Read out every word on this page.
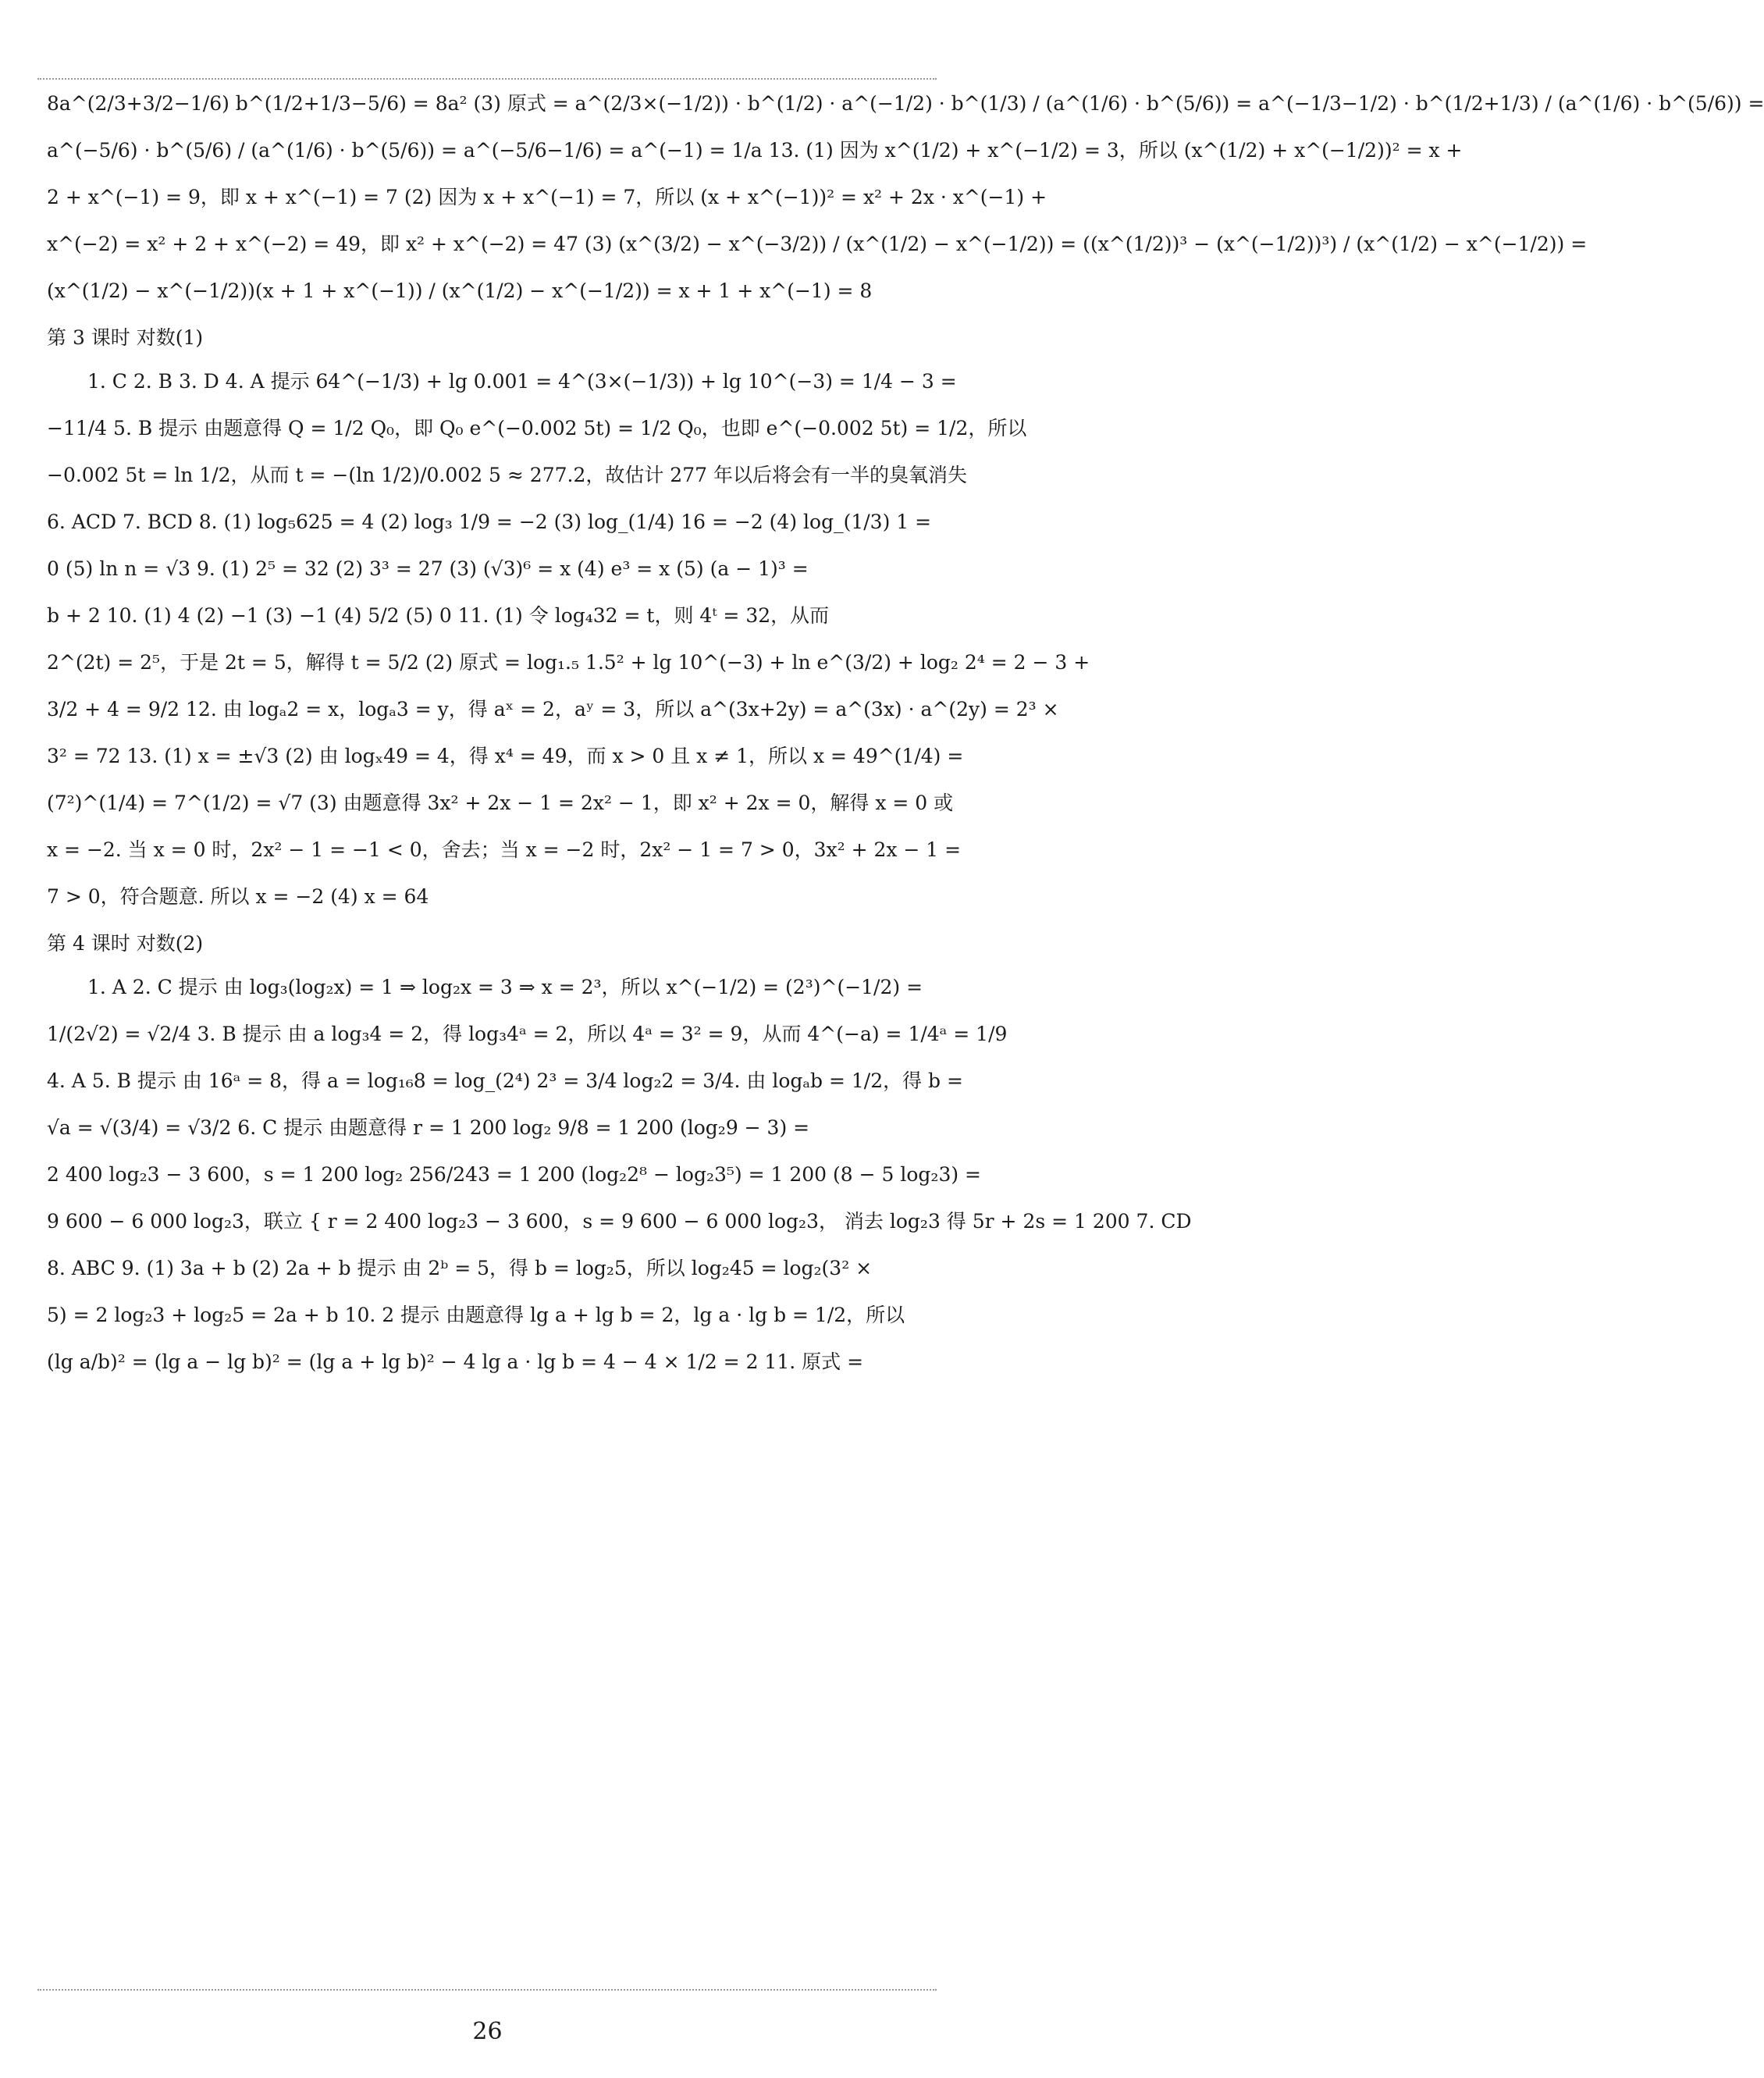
8a^(2/3+3/2−1/6) b^(1/2+1/3−5/6) = 8a² (3) 原式 = a^(2/3×(−1/2)) · b^(1/2) · a^(−1/2) · b^(1/3) / (a^(1/6) · b^(5/6)) = a^(−1/3−1/2) · b^(1/2+1/3) / (a^(1/6) · b^(5/6)) =
a^(−5/6) · b^(5/6) / (a^(1/6) · b^(5/6)) = a^(−5/6−1/6) = a^(−1) = 1/a 13. (1) 因为 x^(1/2) + x^(−1/2) = 3，所以 (x^(1/2) + x^(−1/2))² = x +
2 + x^(−1) = 9，即 x + x^(−1) = 7 (2) 因为 x + x^(−1) = 7，所以 (x + x^(−1))² = x² + 2x · x^(−1) +
x^(−2) = x² + 2 + x^(−2) = 49，即 x² + x^(−2) = 47 (3) (x^(3/2) − x^(−3/2)) / (x^(1/2) − x^(−1/2)) = ((x^(1/2))³ − (x^(−1/2))³) / (x^(1/2) − x^(−1/2)) =
(x^(1/2) − x^(−1/2))(x + 1 + x^(−1)) / (x^(1/2) − x^(−1/2)) = x + 1 + x^(−1) = 8
第 3 课时 对数(1)
1. C 2. B 3. D 4. A 提示 64^(−1/3) + lg 0.001 = 4^(3×(−1/3)) + lg 10^(−3) = 1/4 − 3 =
−11/4 5. B 提示 由题意得 Q = 1/2 Q₀，即 Q₀ e^(−0.002 5t) = 1/2 Q₀，也即 e^(−0.002 5t) = 1/2，所以
−0.002 5t = ln 1/2，从而 t = −(ln 1/2)/0.002 5 ≈ 277.2，故估计 277 年以后将会有一半的臭氧消失
6. ACD 7. BCD 8. (1) log₅625 = 4 (2) log₃ 1/9 = −2 (3) log_(1/4) 16 = −2 (4) log_(1/3) 1 =
0 (5) ln n = √3 9. (1) 2⁵ = 32 (2) 3³ = 27 (3) (√3)⁶ = x (4) e³ = x (5) (a − 1)³ =
b + 2 10. (1) 4 (2) −1 (3) −1 (4) 5/2 (5) 0 11. (1) 令 log₄32 = t，则 4ᵗ = 32，从而
2^(2t) = 2⁵，于是 2t = 5，解得 t = 5/2 (2) 原式 = log₁.₅ 1.5² + lg 10^(−3) + ln e^(3/2) + log₂ 2⁴ = 2 − 3 +
3/2 + 4 = 9/2 12. 由 logₐ2 = x，logₐ3 = y，得 aˣ = 2，aʸ = 3，所以 a^(3x+2y) = a^(3x) · a^(2y) = 2³ ×
3² = 72 13. (1) x = ±√3 (2) 由 logₓ49 = 4，得 x⁴ = 49，而 x > 0 且 x ≠ 1，所以 x = 49^(1/4) =
(7²)^(1/4) = 7^(1/2) = √7 (3) 由题意得 3x² + 2x − 1 = 2x² − 1，即 x² + 2x = 0，解得 x = 0 或
x = −2. 当 x = 0 时，2x² − 1 = −1 < 0，舍去；当 x = −2 时，2x² − 1 = 7 > 0，3x² + 2x − 1 =
7 > 0，符合题意. 所以 x = −2 (4) x = 64
第 4 课时 对数(2)
1. A 2. C 提示 由 log₃(log₂x) = 1 ⇒ log₂x = 3 ⇒ x = 2³，所以 x^(−1/2) = (2³)^(−1/2) =
1/(2√2) = √2/4 3. B 提示 由 a log₃4 = 2，得 log₃4ᵃ = 2，所以 4ᵃ = 3² = 9，从而 4^(−a) = 1/4ᵃ = 1/9
4. A 5. B 提示 由 16ᵃ = 8，得 a = log₁₆8 = log_(2⁴) 2³ = 3/4 log₂2 = 3/4. 由 logₐb = 1/2，得 b =
√a = √(3/4) = √3/2 6. C 提示 由题意得 r = 1 200 log₂ 9/8 = 1 200 (log₂9 − 3) =
2 400 log₂3 − 3 600，s = 1 200 log₂ 256/243 = 1 200 (log₂2⁸ − log₂3⁵) = 1 200 (8 − 5 log₂3) =
9 600 − 6 000 log₂3，联立 { r = 2 400 log₂3 − 3 600，s = 9 600 − 6 000 log₂3， 消去 log₂3 得 5r + 2s = 1 200 7. CD
8. ABC 9. (1) 3a + b (2) 2a + b 提示 由 2ᵇ = 5，得 b = log₂5，所以 log₂45 = log₂(3² ×
5) = 2 log₂3 + log₂5 = 2a + b 10. 2 提示 由题意得 lg a + lg b = 2，lg a · lg b = 1/2，所以
(lg a/b)² = (lg a − lg b)² = (lg a + lg b)² − 4 lg a · lg b = 4 − 4 × 1/2 = 2 11. 原式 =
26
